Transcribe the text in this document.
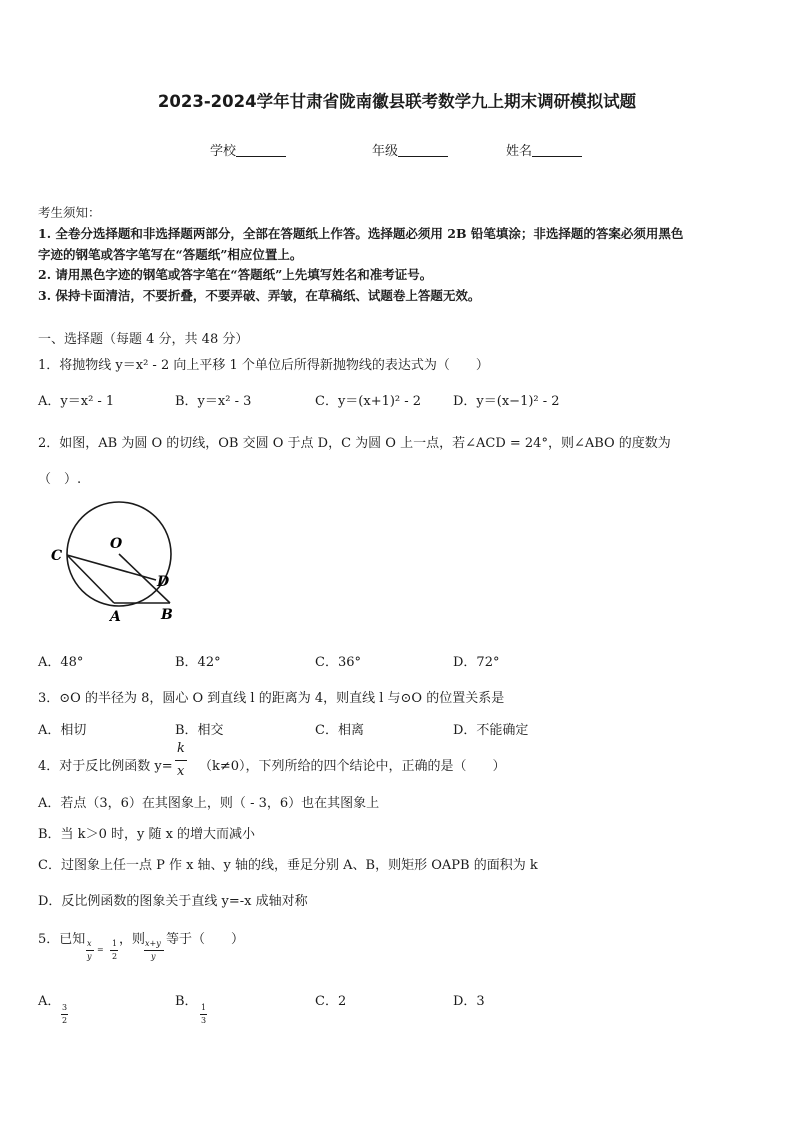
2023-2024学年甘肃省陇南徽县联考数学九上期末调研模拟试题
学校	年级	姓名
考生须知：
1. 全卷分选择题和非选择题两部分，全部在答题纸上作答。选择题必须用 2B 铅笔填涂；非选择题的答案必须用黑色
字迹的钢笔或答字笔写在“答题纸”相应位置上。
2. 请用黑色字迹的钢笔或答字笔在“答题纸”上先填写姓名和准考证号。
3. 保持卡面清洁，不要折叠，不要弄破、弄皱，在草稿纸、试题卷上答题无效。
一、选择题（每题 4 分，共 48 分）
1．将抛物线 y＝x² - 2 向上平移 1 个单位后所得新抛物线的表达式为（　　）
A．y＝x² - 1	B．y＝x² - 3	C．y＝(x+1)² - 2 D．y＝(x−1)² - 2
2．如图，AB 为圆 O 的切线，OB 交圆 O 于点 D，C 为圆 O 上一点，若∠ACD = 24°，则∠ABO 的度数为
（　）.
O
C
D
A	B
A．48°	B．42°	C．36°	D．72°
3．⊙O 的半径为 8，圆心 O 到直线 l 的距离为 4，则直线 l 与⊙O 的位置关系是
A．相切	B．相交	C．相离	D．不能确定
4．对于反比例函数 y=
k
x （k≠0），下列所给的四个结论中，正确的是（　　）
A．若点（3，6）在其图象上，则（ - 3，6）也在其图象上
B．当 k＞0 时，y 随 x 的增大而减小
C．过图象上任一点 P 作 x 轴、y 轴的线，垂足分别 A、B，则矩形 OAPB 的面积为 k
D．反比例函数的图象关于直线 y=-x 成轴对称
5．已知 x
y
=
1
2
，则 x+y
y
等于（　　）
A． 3
2
B． 1
3
C．2	D．3
